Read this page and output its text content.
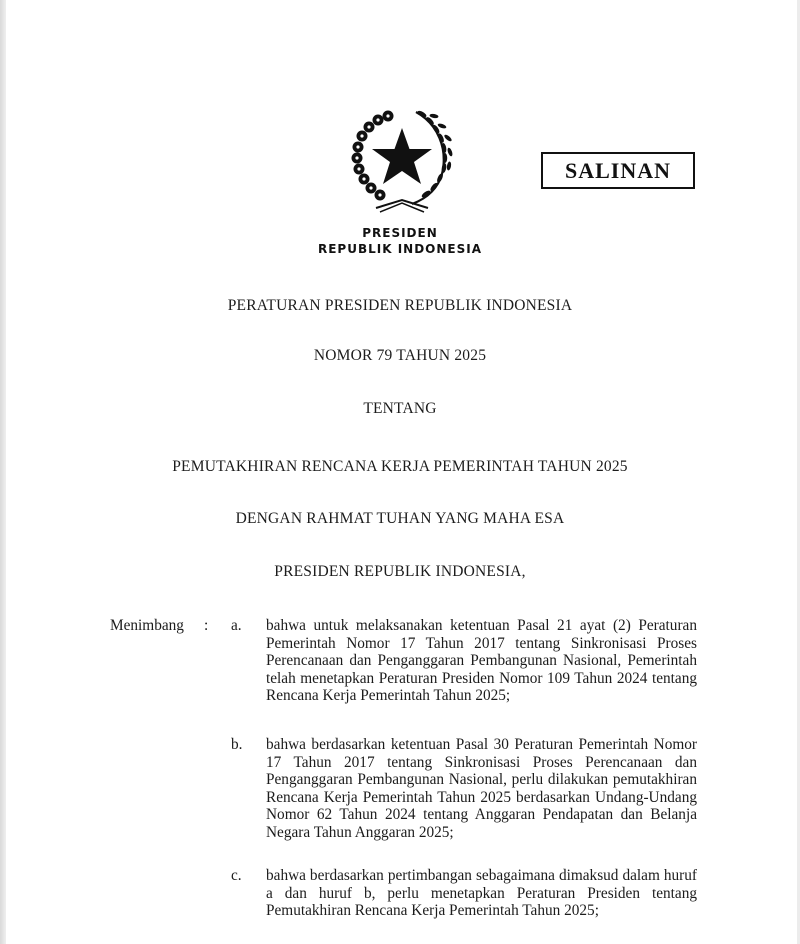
PRESIDEN
REPUBLIK INDONESIA
SALINAN
PERATURAN PRESIDEN REPUBLIK INDONESIA
NOMOR 79 TAHUN 2025
TENTANG
PEMUTAKHIRAN RENCANA KERJA PEMERINTAH TAHUN 2025
DENGAN RAHMAT TUHAN YANG MAHA ESA
PRESIDEN REPUBLIK INDONESIA,
Menimbang	: a.	bahwa untuk melaksanakan ketentuan Pasal 21 ayat (2) Peraturan Pemerintah Nomor 17 Tahun 2017 tentang Sinkronisasi Proses Perencanaan dan Penganggaran Pembangunan Nasional, Pemerintah telah menetapkan Peraturan Presiden Nomor 109 Tahun 2024 tentang Rencana Kerja Pemerintah Tahun 2025;
b.	bahwa berdasarkan ketentuan Pasal 30 Peraturan Pemerintah Nomor 17 Tahun 2017 tentang Sinkronisasi Proses Perencanaan dan Penganggaran Pembangunan Nasional, perlu dilakukan pemutakhiran Rencana Kerja Pemerintah Tahun 2025 berdasarkan Undang-Undang Nomor 62 Tahun 2024 tentang Anggaran Pendapatan dan Belanja Negara Tahun Anggaran 2025;
c.	bahwa berdasarkan pertimbangan sebagaimana dimaksud dalam huruf a dan huruf b, perlu menetapkan Peraturan Presiden tentang Pemutakhiran Rencana Kerja Pemerintah Tahun 2025;
